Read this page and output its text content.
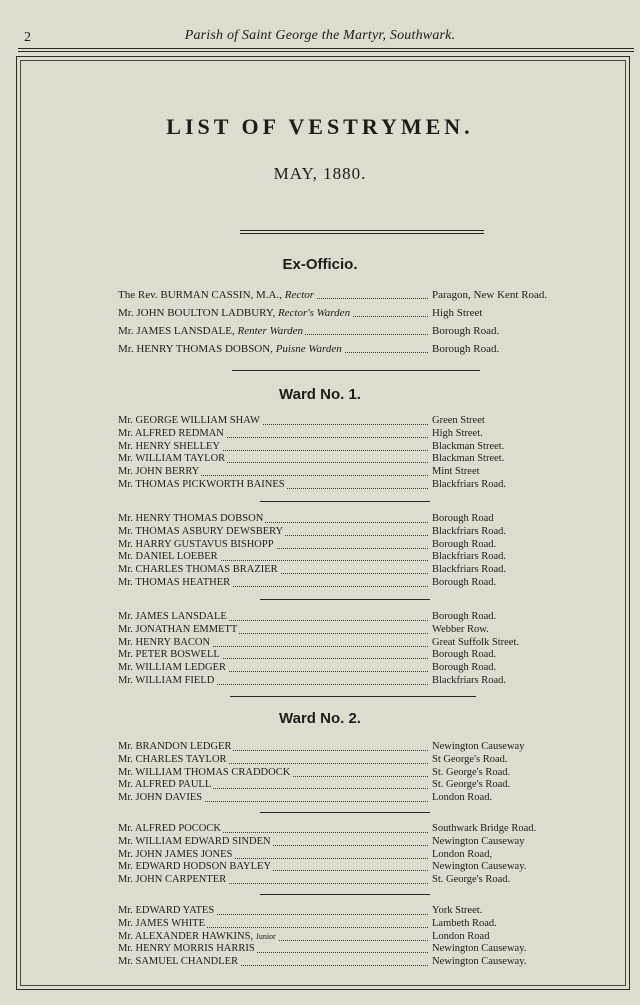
2	Parish of Saint George the Martyr, Southwark.
LIST OF VESTRYMEN.
MAY, 1880.
Ex-Officio.
The Rev. BURMAN CASSIN, M.A., Rector	Paragon, New Kent Road.
Mr. JOHN BOULTON LADBURY, Rector's Warden	High Street
Mr. JAMES LANSDALE, Renter Warden	Borough Road.
Mr. HENRY THOMAS DOBSON, Puisne Warden	Borough Road.
Ward No. 1.
Mr. GEORGE WILLIAM SHAW	Green Street
Mr. ALFRED REDMAN	High Street.
Mr. HENRY SHELLEY	Blackman Street.
Mr. WILLIAM TAYLOR	Blackman Street.
Mr. JOHN BERRY	Mint Street
Mr. THOMAS PICKWORTH BAINES	Blackfriars Road.
Mr. HENRY THOMAS DOBSON	Borough Road
Mr. THOMAS ASBURY DEWSBERY	Blackfriars Road.
Mr. HARRY GUSTAVUS BISHOPP	Borough Road.
Mr. DANIEL LOEBER	Blackfriars Road.
Mr. CHARLES THOMAS BRAZIER	Blackfriars Road.
Mr. THOMAS HEATHER	Borough Road.
Mr. JAMES LANSDALE	Borough Road.
Mr. JONATHAN EMMETT	Webber Row.
Mr. HENRY BACON	Great Suffolk Street.
Mr. PETER BOSWELL	Borough Road.
Mr. WILLIAM LEDGER	Borough Road.
Mr. WILLIAM FIELD	Blackfriars Road.
Ward No. 2.
Mr. BRANDON LEDGER	Newington Causeway
Mr. CHARLES TAYLOR	St George's Road.
Mr. WILLIAM THOMAS CRADDOCK	St. George's Road.
Mr. ALFRED PAULL	St. George's Road.
Mr. JOHN DAVIES	London Road.
Mr. ALFRED POCOCK	Southwark Bridge Road.
Mr. WILLIAM EDWARD SINDEN	Newington Causeway
Mr. JOHN JAMES JONES	London Road,
Mr. EDWARD HODSON BAYLEY	Newington Causeway.
Mr. JOHN CARPENTER	St. George's Road.
Mr. EDWARD YATES	York Street.
Mr. JAMES WHITE	Lambeth Road.
Mr. ALEXANDER HAWKINS, Junior	London Road
Mr. HENRY MORRIS HARRIS	Newington Causeway.
Mr. SAMUEL CHANDLER	Newington Causeway.
